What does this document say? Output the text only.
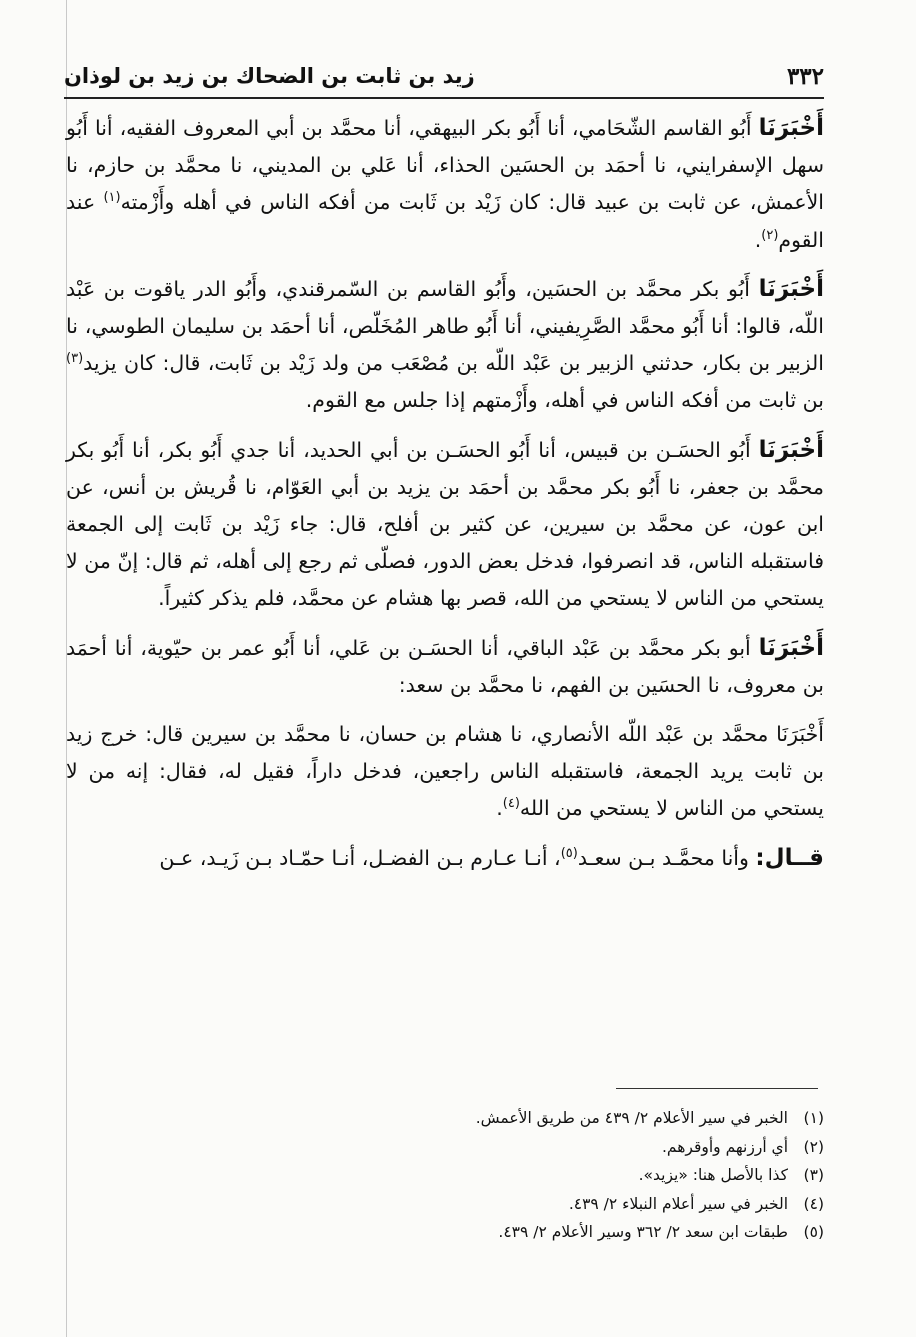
٣٣٢
زيد بن ثابت بن الضحاك بن زيد بن لوذان

أَخْبَرَنَا أَبُو القاسم الشّحَامي، أنا أَبُو بكر البيهقي، أنا محمَّد بن أبي المعروف الفقيه، أنا أَبُو سهل الإسفرايني، نا أحمَد بن الحسَين الحذاء، أنا عَلي بن المديني، نا محمَّد بن حازم، نا الأعمش، عن ثابت بن عبيد قال: كان زَيْد بن ثَابت من أفكه الناس في أهله وأَزْمته$^{(١)}$ عند القوم$^{(٢)}$.

أَخْبَرَنَا أَبُو بكر محمَّد بن الحسَين، وأَبُو القاسم بن السّمرقندي، وأَبُو الدر ياقوت بن عَبْد اللّه، قالوا: أنا أَبُو محمَّد الصَّرِيفيني، أنا أَبُو طاهر المُخَلّص، أنا أحمَد بن سليمان الطوسي، نا الزبير بن بكار، حدثني الزبير بن عَبْد اللّه بن مُصْعَب من ولد زَيْد بن ثَابت، قال: كان يزيد$^{(٣)}$ بن ثابت من أفكه الناس في أهله، وأَزْمتهم إذا جلس مع القوم.

أَخْبَرَنَا أَبُو الحسَـن بن قبيس، أنا أَبُو الحسَـن بن أبي الحديد، أنا جدي أَبُو بكر، أنا أَبُو بكر محمَّد بن جعفر، نا أَبُو بكر محمَّد بن أحمَد بن يزيد بن أبي العَوّام، نا قُريش بن أنس، عن ابن عون، عن محمَّد بن سيرين، عن كثير بن أفلح، قال: جاء زَيْد بن ثَابت إلى الجمعة فاستقبله الناس، قد انصرفوا، فدخل بعض الدور، فصلّى ثم رجع إلى أهله، ثم قال: إنّ من لا يستحي من الناس لا يستحي من الله، قصر بها هشام عن محمَّد، فلم يذكر كثيراً.

أَخْبَرَنَا أبو بكر محمَّد بن عَبْد الباقي، أنا الحسَـن بن عَلي، أنا أَبُو عمر بن حيّوية، أنا أحمَد بن معروف، نا الحسَين بن الفهم، نا محمَّد بن سعد:

أَخْبَرَنَا محمَّد بن عَبْد اللّه الأنصاري، نا هشام بن حسان، نا محمَّد بن سيرين قال: خرج زيد بن ثابت يريد الجمعة، فاستقبله الناس راجعين، فدخل داراً، فقيل له، فقال: إنه من لا يستحي من الناس لا يستحي من الله$^{(٤)}$.

قــال: وأنا محمَّـد بـن سعـد$^{(٥)}$، أنـا عـارم بـن الفضـل، أنـا حمّـاد بـن زَيـد، عـن

(١)
الخبر في سير الأعلام ٢/ ٤٣٩ من طريق الأعمش.
(٢)
أي أرزنهم وأوقرهم.
(٣)
كذا بالأصل هنا: «يزيد».
(٤)
الخبر في سير أعلام النبلاء ٢/ ٤٣٩.
(٥)
طبقات ابن سعد ٢/ ٣٦٢ وسير الأعلام ٢/ ٤٣٩.
